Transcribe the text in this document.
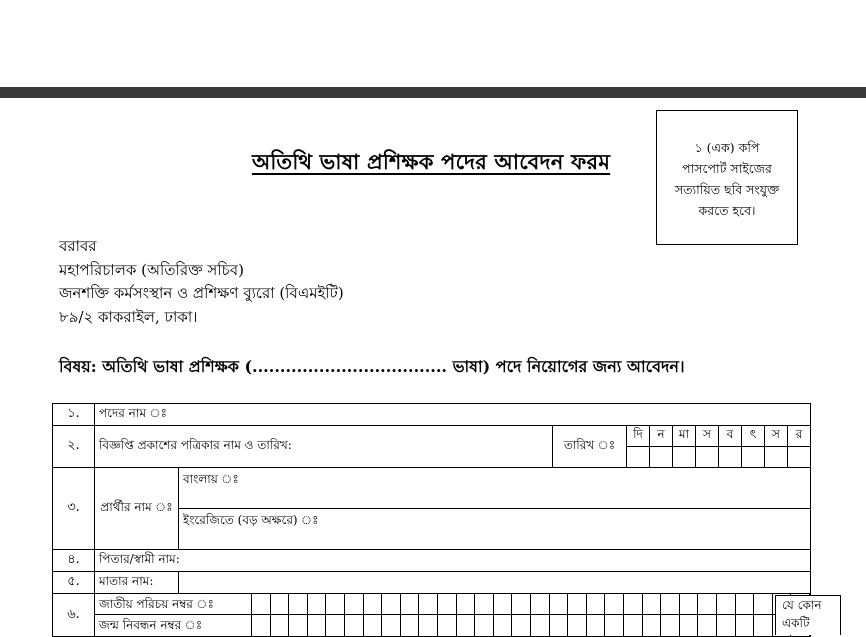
অতিথি ভাষা প্রশিক্ষক পদের আবেদন ফরম
১ (এক) কপি
পাসপোর্ট সাইজের
সত্যায়িত ছবি সংযুক্ত
করতে হবে।
বরাবর
মহাপরিচালক (অতিরিক্ত সচিব)
জনশক্তি কর্মসংস্থান ও প্রশিক্ষণ ব্যুরো (বিএমইটি)
৮৯/২ কাকরাইল, ঢাকা।
বিষয়: অতিথি ভাষা প্রশিক্ষক (................................... ভাষা) পদে নিয়োগের জন্য আবেদন।
১.	পদের নাম ঃ										
২.	বিজ্ঞপ্তি প্রকাশের পত্রিকার নাম ও তারিখ:		তারিখ ঃ	দি	ন	মা	স	ব	ৎ	স	র

৩.	প্রার্থীর নাম ঃ	বাংলায় ঃ									
		ইংরেজিতে (বড় অক্ষরে) ঃ									
৪.	পিতার/স্বামী নাম:										
৫.	মাতার নাম:										
৬.	জাতীয় পরিচয় নম্বর ঃ
জন্ম নিবন্ধন নম্বর ঃ										
যে কোন
একটি
